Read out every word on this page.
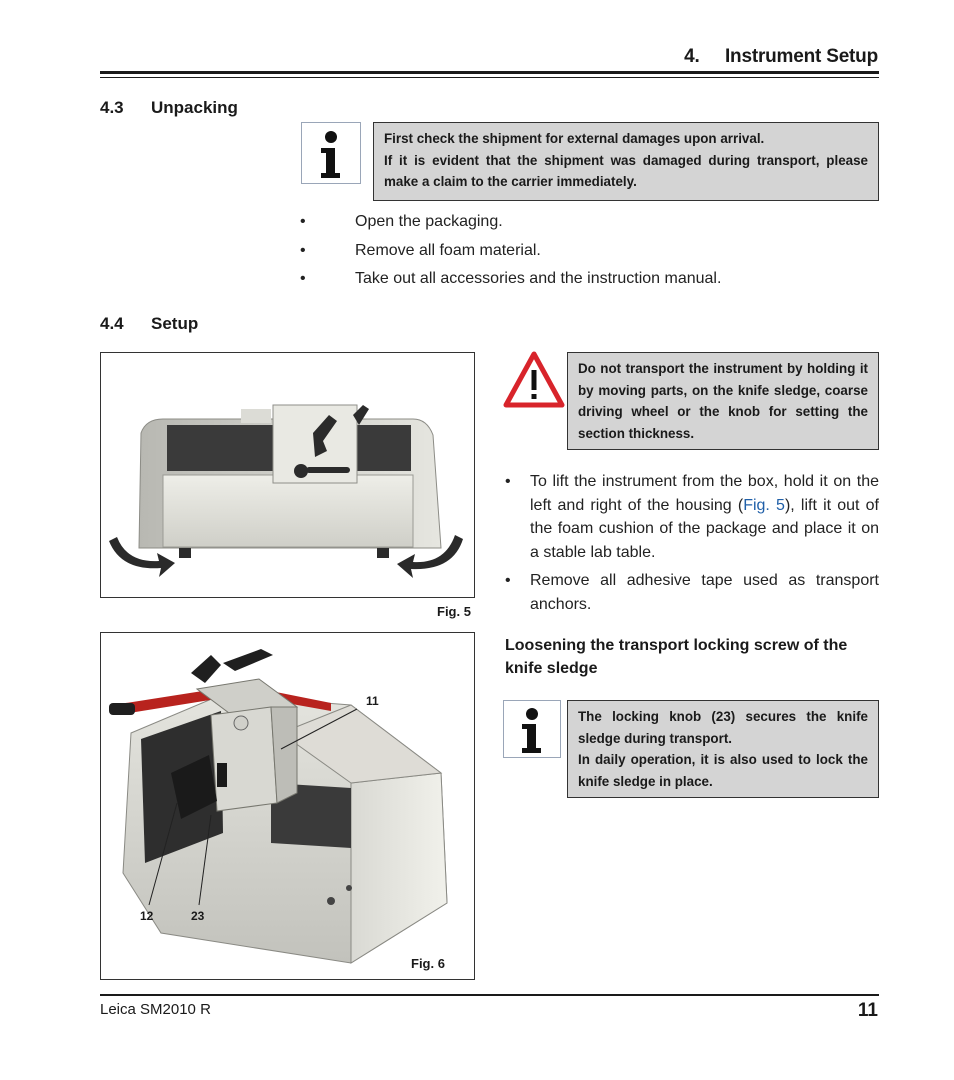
4.     Instrument Setup
4.3 Unpacking
First check the shipment for external damages upon arrival.
If it is evident that the shipment was damaged during transport, please make a claim to the carrier immediately.
•	Open the packaging.
•	Remove all foam material.
•	Take out all accessories and the instruction manual.
4.4 Setup
Fig. 5
Do not transport the instrument by holding it by moving parts, on the knife sledge, coarse driving wheel or the knob for setting the section thickness.
• To lift the instrument from the box, hold it on the left and right of the housing (Fig. 5), lift it out of the foam cushion of the package and place it on a stable lab table.
• Remove all adhesive tape used as transport anchors.
Loosening the transport locking screw of the knife sledge
The locking knob (23) secures the knife sledge during transport.
In daily operation, it is also used to lock the knife sledge in place.
11
12	23
Fig. 6
Leica SM2010 R	11
